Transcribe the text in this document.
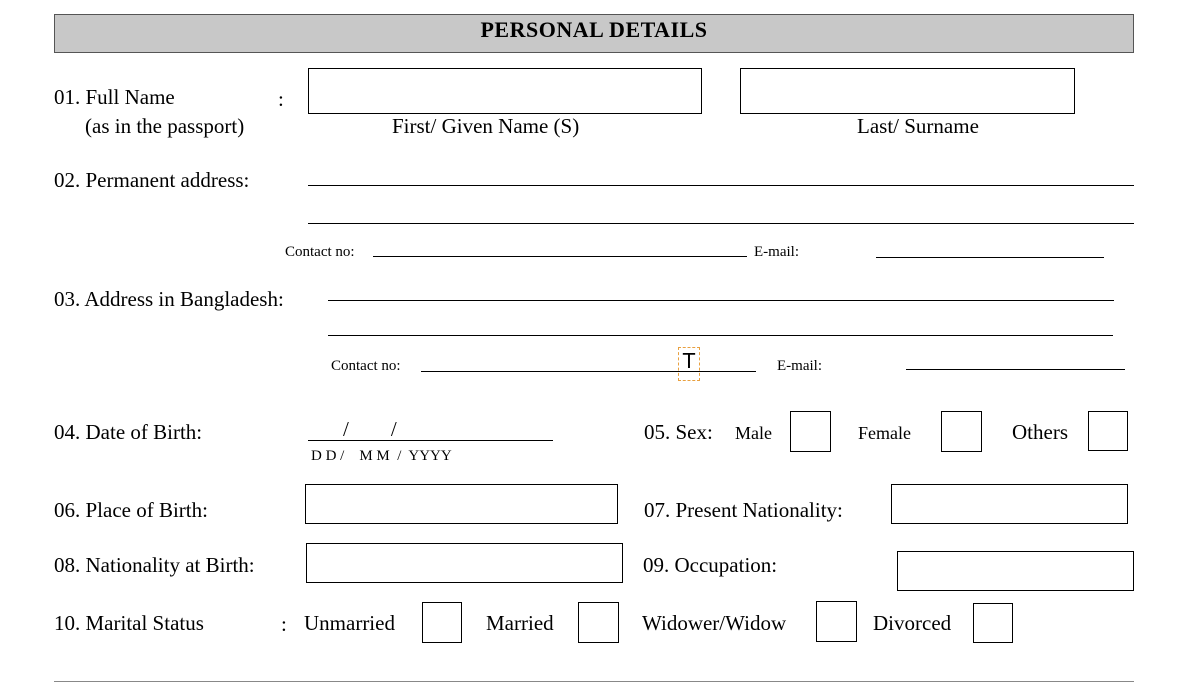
PERSONAL DETAILS
01. Full Name	:
(as in the passport)	First/ Given Name (S)	Last/ Surname
02. Permanent address:
Contact no:	E-mail:
03. Address in Bangladesh:
Contact no:	T	E-mail:
04. Date of Birth:	/        /
D D /    M M  /  YYYY
05. Sex: Male	Female	Others
06. Place of Birth:	07. Present Nationality:
08. Nationality at Birth:	09. Occupation:
10. Marital Status	: Unmarried	Married	Widower/Widow	Divorced
